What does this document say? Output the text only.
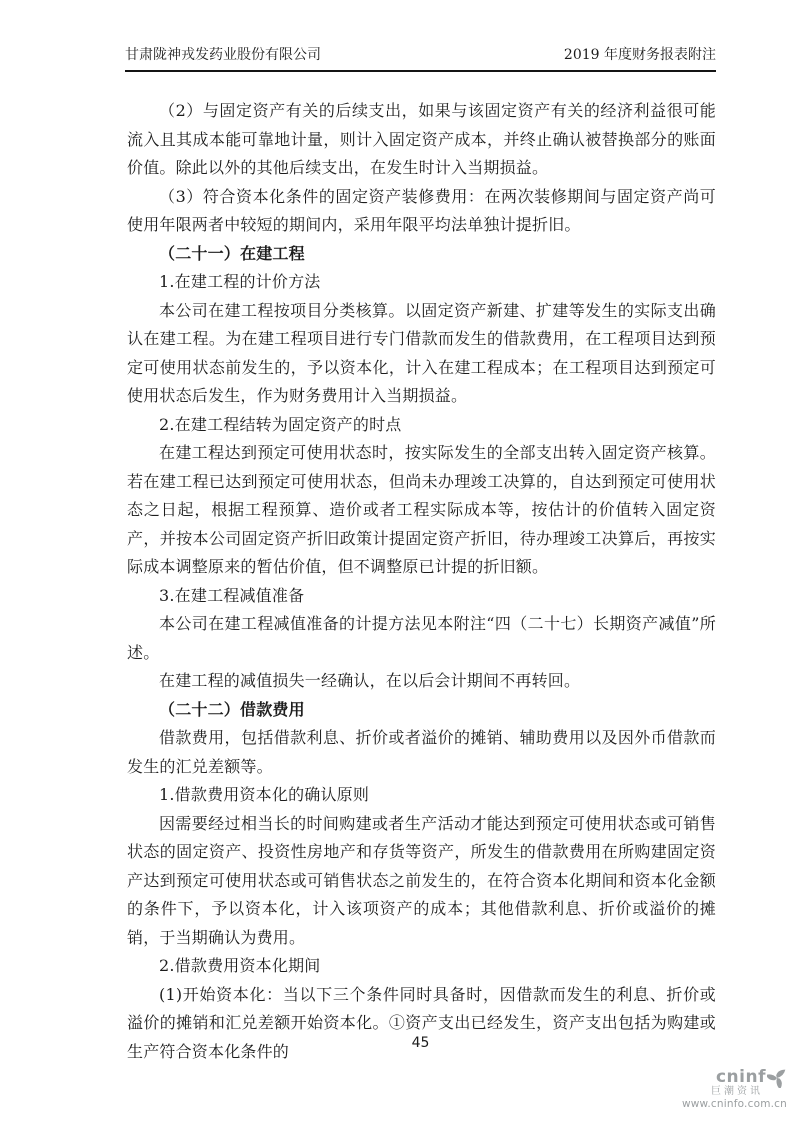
甘肃陇神戎发药业股份有限公司	2019 年度财务报表附注

（2）与固定资产有关的后续支出，如果与该固定资产有关的经济利益很可能流入且其成本能可靠地计量，则计入固定资产成本，并终止确认被替换部分的账面价值。除此以外的其他后续支出，在发生时计入当期损益。

（3）符合资本化条件的固定资产装修费用：在两次装修期间与固定资产尚可使用年限两者中较短的期间内，采用年限平均法单独计提折旧。

（二十一）在建工程

1.在建工程的计价方法

本公司在建工程按项目分类核算。以固定资产新建、扩建等发生的实际支出确认在建工程。为在建工程项目进行专门借款而发生的借款费用，在工程项目达到预定可使用状态前发生的，予以资本化，计入在建工程成本；在工程项目达到预定可使用状态后发生，作为财务费用计入当期损益。

2.在建工程结转为固定资产的时点

在建工程达到预定可使用状态时，按实际发生的全部支出转入固定资产核算。若在建工程已达到预定可使用状态，但尚未办理竣工决算的，自达到预定可使用状态之日起，根据工程预算、造价或者工程实际成本等，按估计的价值转入固定资产，并按本公司固定资产折旧政策计提固定资产折旧，待办理竣工决算后，再按实际成本调整原来的暂估价值，但不调整原已计提的折旧额。

3.在建工程减值准备

本公司在建工程减值准备的计提方法见本附注“四（二十七）长期资产减值”所述。

在建工程的减值损失一经确认，在以后会计期间不再转回。

（二十二）借款费用

借款费用，包括借款利息、折价或者溢价的摊销、辅助费用以及因外币借款而发生的汇兑差额等。

1.借款费用资本化的确认原则

因需要经过相当长的时间购建或者生产活动才能达到预定可使用状态或可销售状态的固定资产、投资性房地产和存货等资产，所发生的借款费用在所购建固定资产达到预定可使用状态或可销售状态之前发生的，在符合资本化期间和资本化金额的条件下，予以资本化，计入该项资产的成本；其他借款利息、折价或溢价的摊销，于当期确认为费用。

2.借款费用资本化期间

(1)开始资本化：当以下三个条件同时具备时，因借款而发生的利息、折价或溢价的摊销和汇兑差额开始资本化。①资产支出已经发生，资产支出包括为购建或生产符合资本化条件的	45
cninf
巨潮资讯
www.cninfo.com.cn
